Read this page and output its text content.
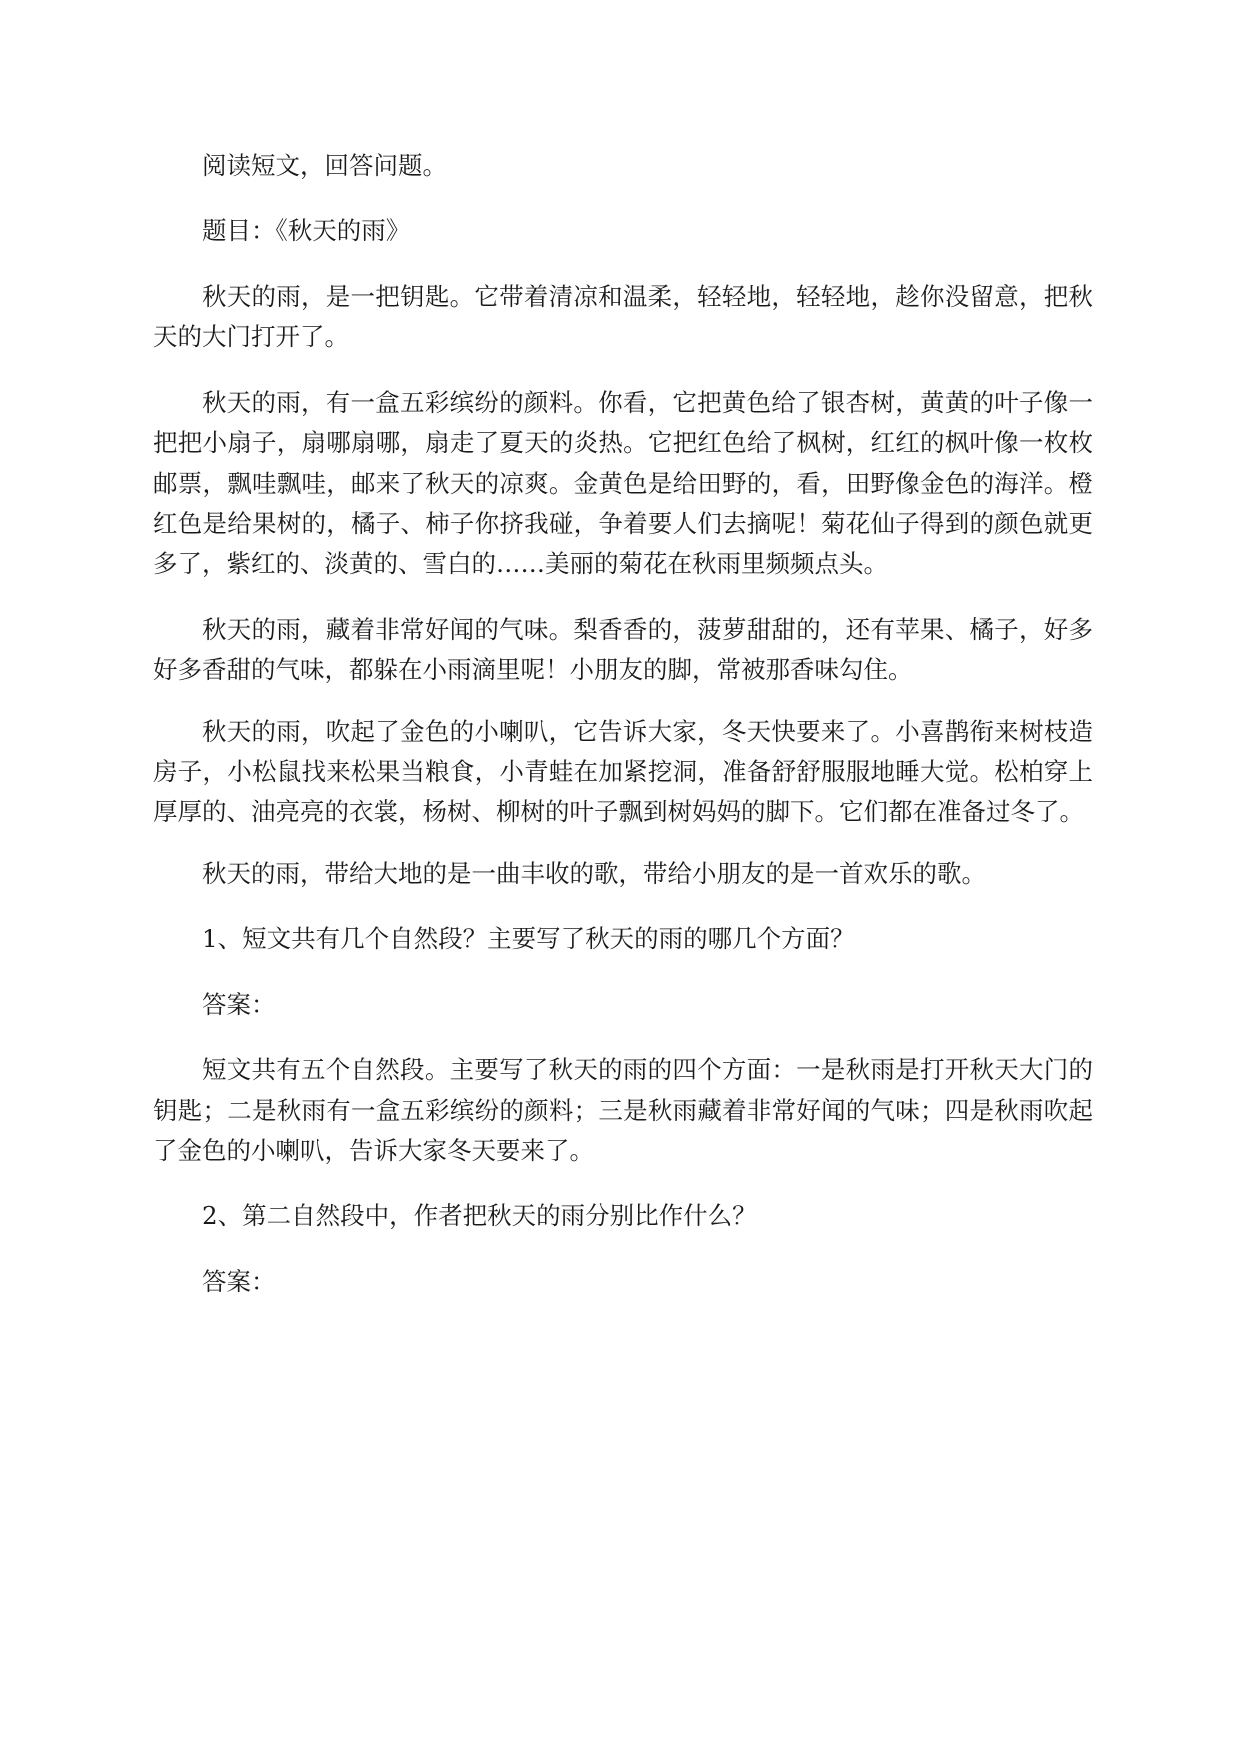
阅读短文，回答问题。

题目：《秋天的雨》

秋天的雨，是一把钥匙。它带着清凉和温柔，轻轻地，轻轻地，趁你没留意，把秋天的大门打开了。

秋天的雨，有一盒五彩缤纷的颜料。你看，它把黄色给了银杏树，黄黄的叶子像一把把小扇子，扇哪扇哪，扇走了夏天的炎热。它把红色给了枫树，红红的枫叶像一枚枚邮票，飘哇飘哇，邮来了秋天的凉爽。金黄色是给田野的，看，田野像金色的海洋。橙红色是给果树的，橘子、柿子你挤我碰，争着要人们去摘呢！菊花仙子得到的颜色就更多了，紫红的、淡黄的、雪白的……美丽的菊花在秋雨里频频点头。

秋天的雨，藏着非常好闻的气味。梨香香的，菠萝甜甜的，还有苹果、橘子，好多好多香甜的气味，都躲在小雨滴里呢！小朋友的脚，常被那香味勾住。

秋天的雨，吹起了金色的小喇叭，它告诉大家，冬天快要来了。小喜鹊衔来树枝造房子，小松鼠找来松果当粮食，小青蛙在加紧挖洞，准备舒舒服服地睡大觉。松柏穿上厚厚的、油亮亮的衣裳，杨树、柳树的叶子飘到树妈妈的脚下。它们都在准备过冬了。

秋天的雨，带给大地的是一曲丰收的歌，带给小朋友的是一首欢乐的歌。

1、短文共有几个自然段？主要写了秋天的雨的哪几个方面？

答案：

短文共有五个自然段。主要写了秋天的雨的四个方面：一是秋雨是打开秋天大门的钥匙；二是秋雨有一盒五彩缤纷的颜料；三是秋雨藏着非常好闻的气味；四是秋雨吹起了金色的小喇叭，告诉大家冬天要来了。

2、第二自然段中，作者把秋天的雨分别比作什么？

答案：
